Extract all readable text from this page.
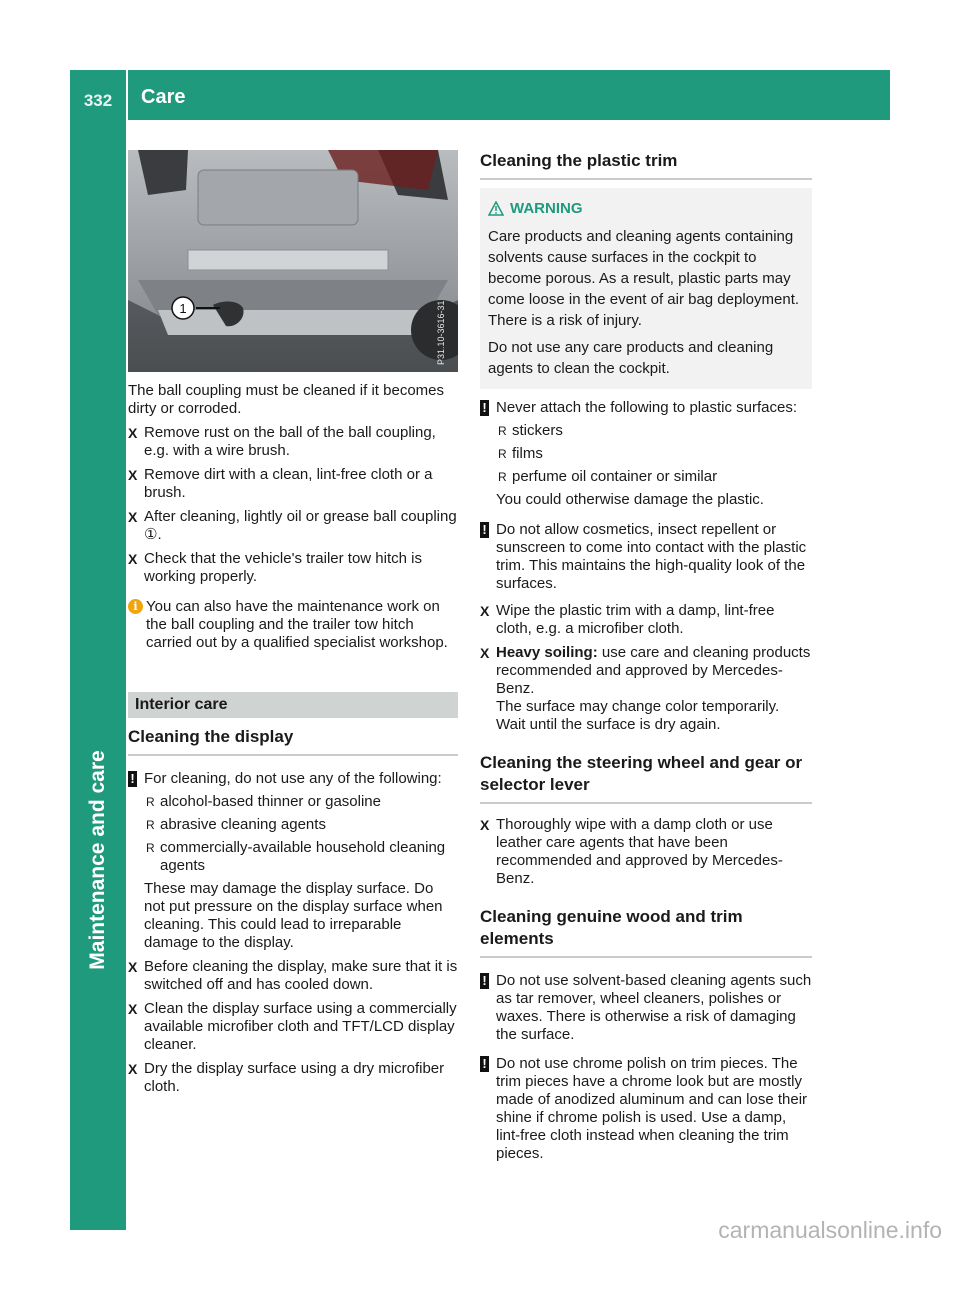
332	Care
Maintenance and care
1	P31.10-3616-31

The ball coupling must be cleaned if it becomes dirty or corroded.

X Remove rust on the ball of the ball coupling, e.g. with a wire brush.
X Remove dirt with a clean, lint-free cloth or a brush.
X After cleaning, lightly oil or grease ball coupling ①.
X Check that the vehicle's trailer tow hitch is working properly.
i You can also have the maintenance work on the ball coupling and the trailer tow hitch carried out by a qualified specialist workshop.
Interior care
Cleaning the display
! For cleaning, do not use any of the following:
R alcohol-based thinner or gasoline
R abrasive cleaning agents
R commercially-available household cleaning agents

These may damage the display surface. Do not put pressure on the display surface when cleaning. This could lead to irreparable damage to the display.

X Before cleaning the display, make sure that it is switched off and has cooled down.
X Clean the display surface using a commercially available microfiber cloth and TFT/LCD display cleaner.
X Dry the display surface using a dry microfiber cloth.
Cleaning the plastic trim
WARNING

Care products and cleaning agents containing solvents cause surfaces in the cockpit to become porous. As a result, plastic parts may come loose in the event of air bag deployment. There is a risk of injury.

Do not use any care products and cleaning agents to clean the cockpit.

! Never attach the following to plastic surfaces:
R stickers
R films
R perfume oil container or similar

You could otherwise damage the plastic.

! Do not allow cosmetics, insect repellent or sunscreen to come into contact with the plastic trim. This maintains the high-quality look of the surfaces.
X Wipe the plastic trim with a damp, lint-free cloth, e.g. a microfiber cloth.
X Heavy soiling: use care and cleaning products recommended and approved by Mercedes-Benz.
The surface may change color temporarily. Wait until the surface is dry again.
Cleaning the steering wheel and gear or selector lever
X Thoroughly wipe with a damp cloth or use leather care agents that have been recommended and approved by Mercedes-Benz.
Cleaning genuine wood and trim elements
! Do not use solvent-based cleaning agents such as tar remover, wheel cleaners, polishes or waxes. There is otherwise a risk of damaging the surface.
! Do not use chrome polish on trim pieces. The trim pieces have a chrome look but are mostly made of anodized aluminum and can lose their shine if chrome polish is used. Use a damp, lint-free cloth instead when cleaning the trim pieces.
carmanualsonline.info
